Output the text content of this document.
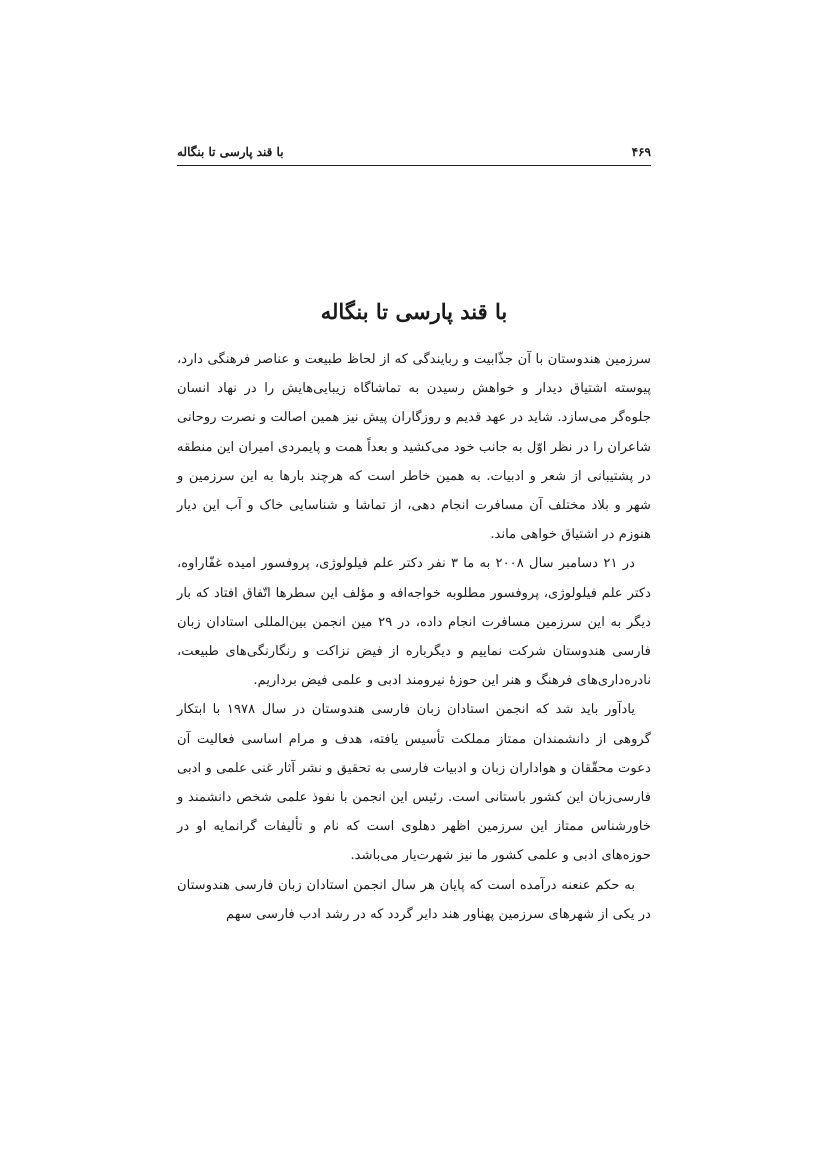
۴۶۹
با قند پارسی تا بنگاله
با قند پارسی تا بنگاله

سرزمین هندوستان با آن جذّابیت و ربایندگی که از لحاظ طبیعت و عناصر فرهنگی دارد، پیوسته اشتیاق دیدار و خواهش رسیدن به تماشاگاه زیبایی‌هایش را در نهاد انسان جلوه‌گر می‌سازد. شاید در عهد قدیم و روزگاران پیش نیز همین اصالت و نصرت روحانی شاعران را در نظر اوّل به جانب خود می‌کشید و بعداً همت و پایمردی امیران این منطقه در پشتیبانی از شعر و ادبیات. به همین خاطر است که هرچند بارها به این سرزمین و شهر و بلاد مختلف آن مسافرت انجام دهی، از تماشا و شناسایی خاک و آب این دیار هنوزم در اشتیاق خواهی ماند.

در ۲۱ دسامبر سال ۲۰۰۸ به ما ۳ نفر دکتر علم فیلولوژی، پروفسور امیده غفّاراوه، دکتر علم فیلولوژی، پروفسور مطلوبه خواجه‌افه و مؤلف این سطرها اتّفاق افتاد که بار دیگر به این سرزمین مسافرت انجام داده، در ۲۹ مین انجمن بین‌المللی استادان زبان فارسی هندوستان شرکت نماییم و دیگرباره از فیض نزاکت و رنگارنگی‌های طبیعت، نادره‌داری‌های فرهنگ و هنر این حوزهٔ نیرومند ادبی و علمی فیض برداریم.

یادآور باید شد که انجمن استادان زبان فارسی هندوستان در سال ۱۹۷۸ با ابتکار گروهی از دانشمندان ممتاز مملکت تأسیس یافته، هدف و مرام اساسی فعالیت آن دعوت محقّقان و هواداران زبان و ادبیات فارسی به تحقیق و نشر آثار غنی علمی و ادبی فارسی‌زبان این کشور باستانی است. رئیس این انجمن با نفوذ علمی شخص دانشمند و خاورشناس ممتاز این سرزمین اظهر دهلوی است که نام و تألیفات گرانمایه او در حوزه‌های ادبی و علمی کشور ما نیز شهرت‌یار می‌باشد.

به حکم عنعنه درآمده است که پایان هر سال انجمن استادان زبان فارسی هندوستان در یکی از شهرهای سرزمین پهناور هند دایر گردد که در رشد ادب فارسی سهم
